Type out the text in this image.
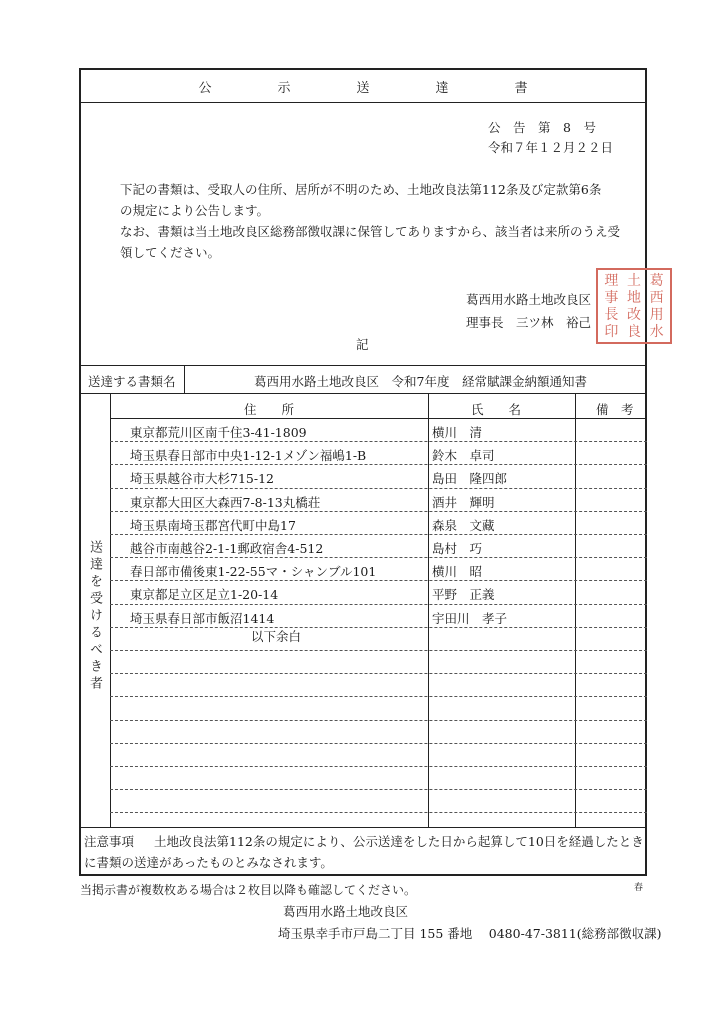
公	示	送	達	書
公　告　第　8　号
令和７年１２月２２日
下記の書類は、受取人の住所、居所が不明のため、土地改良法第112条及び定款第6条
の規定により公告します。
なお、書類は当土地改良区総務部徴収課に保管してありますから、該当者は来所のうえ受
領してください。
葛西用水路土地改良区
理事長　三ツ林　裕己
葛
西
用
水
土
地
改
良
理
事
長
印
記
送達する書類名	葛西用水路土地改良区　令和7年度　経常賦課金納額通知書
送達を受けるべき者
住　　所	氏　　名	備　考
東京都荒川区南千住3-41-1809	横川　清
埼玉県春日部市中央1-12-1メゾン福嶋1-B	鈴木　卓司
埼玉県越谷市大杉715-12	島田　隆四郎
東京都大田区大森西7-8-13丸橋荘	酒井　輝明
埼玉県南埼玉郡宮代町中島17	森泉　文藏
越谷市南越谷2-1-1郵政宿舎4-512	島村　巧
春日部市備後東1-22-55マ・シャンブル101	横川　昭
東京都足立区足立1-20-14	平野　正義
埼玉県春日部市飯沼1414	宇田川　孝子
以下余白
注意事項 土地改良法第112条の規定により、公示送達をした日から起算して10日を経過したとき
に書類の送達があったものとみなされます。
当掲示書が複数枚ある場合は２枚目以降も確認してください。	春
葛西用水路土地改良区
埼玉県幸手市戸島二丁目 155 番地　 0480-47-3811(総務部徴収課)
